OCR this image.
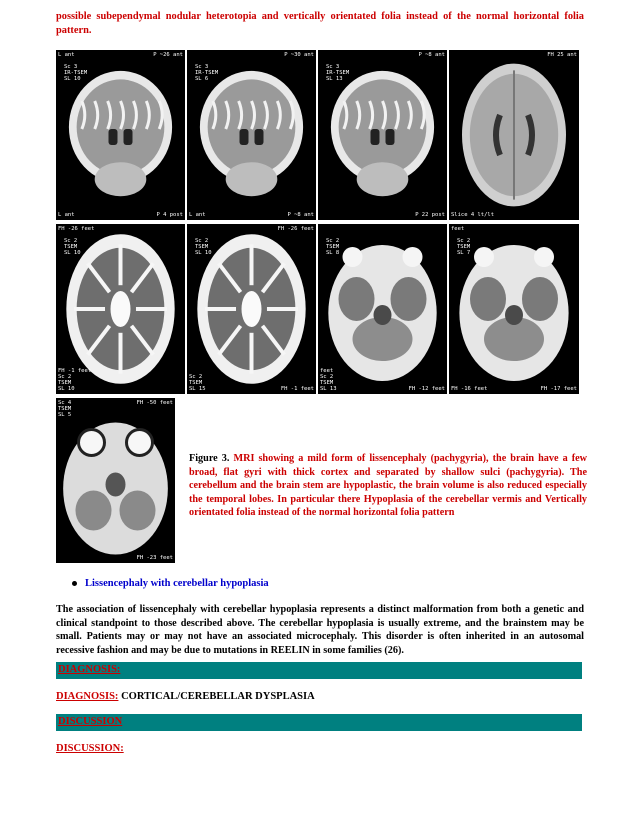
possible subependymal nodular heterotopia and vertically orientated folia instead of the normal horizontal folia pattern.
L ant	P ~26 ant
Sc 3
IR-TSEM
SL 10
L ant	P 4 post
P ~30 ant
Sc 3
IR-TSEM
SL 6
L ant	P ~8 ant
P ~8 ant
Sc 3
IR-TSEM
SL 13
P 22 post
FH 25 ant
Slice 4 lt/lt
FH -26 feet
Sc 2
TSEM
SL 10
FH -1 feet
Sc 2
TSEM
SL 10
FH -26 feet
Sc 2
TSEM
SL 10
Sc 2
TSEM
SL 15	FH -1 feet
Sc 2
TSEM
SL 8
feet
Sc 2
TSEM
SL 13	FH -12 feet
feet
Sc 2
TSEM
SL 7
FH -16 feet	FH -17 feet
Sc 4
TSEM
SL 5
FH -50 feet
FH -23 feet
Figure 3. MRI showing a mild form of lissencephaly (pachygyria), the brain have a few broad, flat gyri with thick cortex and separated by shallow sulci (pachygyria). The cerebellum and the brain stem are hypoplastic, the brain volume is also reduced especially the temporal lobes. In particular there Hypoplasia of the cerebellar vermis and Vertically orientated folia instead of the normal horizontal folia pattern
Lissencephaly with cerebellar hypoplasia
The association of lissencephaly with cerebellar hypoplasia represents a distinct malformation from both a genetic and clinical standpoint to those described above. The cerebellar hypoplasia is usually extreme, and the brainstem may be small. Patients may or may not have an associated microcephaly. This disorder is often inherited in an autosomal recessive fashion and may be due to mutations in REELIN in some families (26).
DIAGNOSIS:
DIAGNOSIS: CORTICAL/CEREBELLAR DYSPLASIA
DISCUSSION
DISCUSSION:
